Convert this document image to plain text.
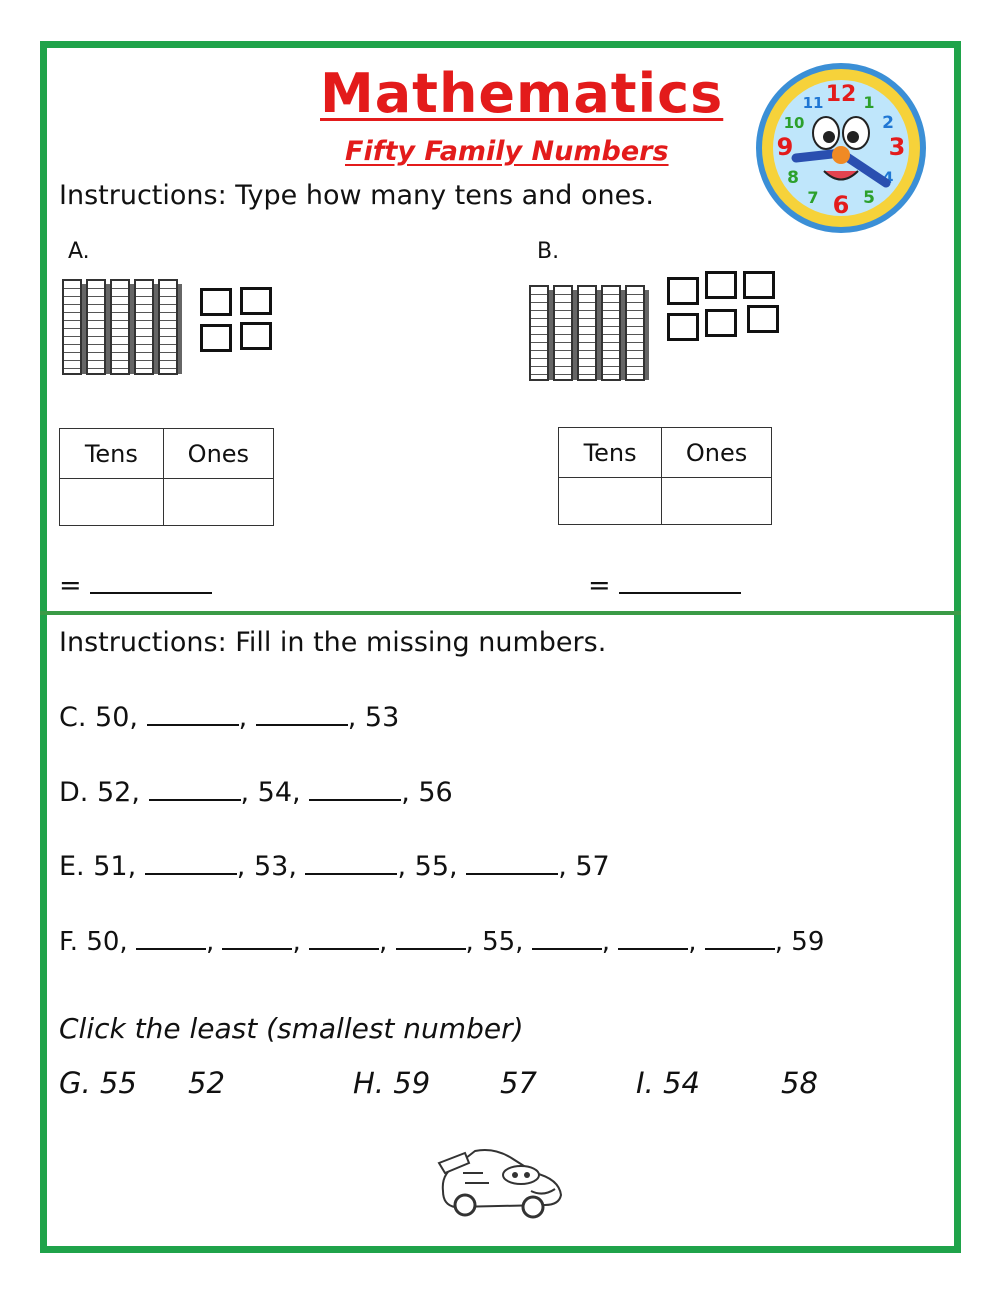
Mathematics
Fifty Family Numbers
12 1
2
3
4
5
6
7
8
9
10
11
Instructions: Type how many tens and ones.
A.
Tens	Ones

=
B.
Tens	Ones

=
Instructions: Fill in the missing numbers.
C. 50,	,	, 53
D. 52,	, 54,	, 56
E. 51,	, 53,	, 55,	, 57
F. 50,	,	,	,	, 55,	,	,	, 59
Click the least (smallest number)
G. 55 52	H. 59 57	I. 54	58
